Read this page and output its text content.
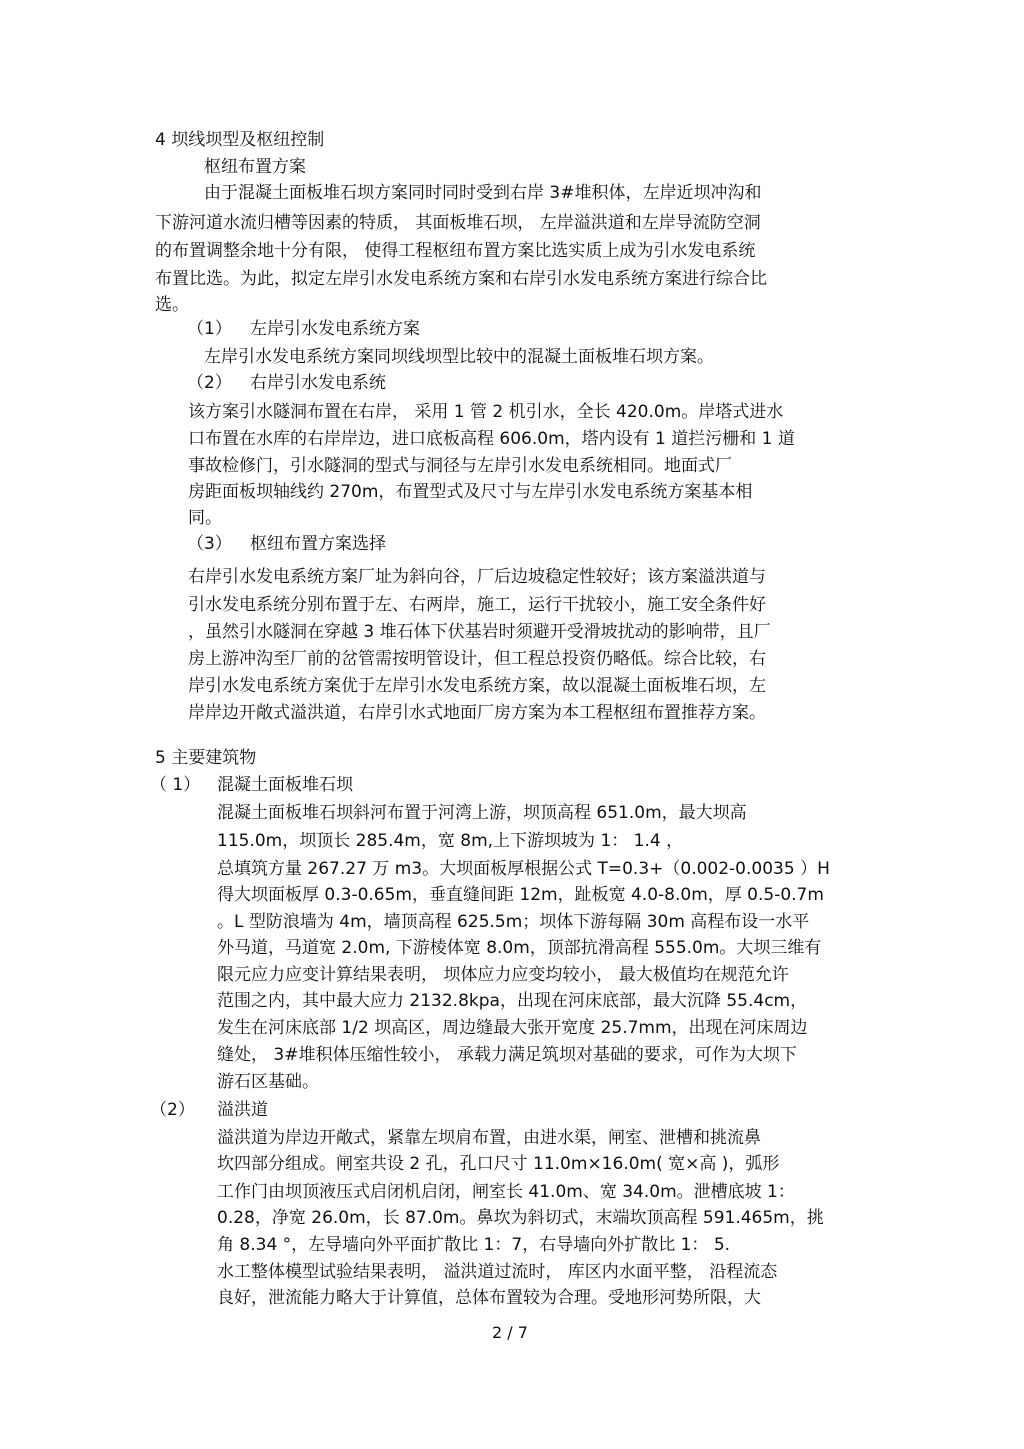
4 坝线坝型及枢纽控制
枢纽布置方案
由于混凝土面板堆石坝方案同时同时受到右岸 3#堆积体，左岸近坝冲沟和
下游河道水流归槽等因素的特质， 其面板堆石坝， 左岸溢洪道和左岸导流防空洞
的布置调整余地十分有限， 使得工程枢纽布置方案比选实质上成为引水发电系统
布置比选。为此，拟定左岸引水发电系统方案和右岸引水发电系统方案进行综合比
选。
（1） 左岸引水发电系统方案
左岸引水发电系统方案同坝线坝型比较中的混凝土面板堆石坝方案。
（2） 右岸引水发电系统
该方案引水隧洞布置在右岸， 采用 1 管 2 机引水，全长 420.0m。岸塔式进水
口布置在水库的右岸岸边，进口底板高程 606.0m，塔内设有 1 道拦污栅和 1 道
事故检修门，引水隧洞的型式与洞径与左岸引水发电系统相同。地面式厂
房距面板坝轴线约 270m，布置型式及尺寸与左岸引水发电系统方案基本相
同。
（3） 枢纽布置方案选择
右岸引水发电系统方案厂址为斜向谷，厂后边坡稳定性较好；该方案溢洪道与
引水发电系统分别布置于左、右两岸，施工，运行干扰较小，施工安全条件好
，虽然引水隧洞在穿越 3 堆石体下伏基岩时须避开受滑坡扰动的影响带，且厂
房上游冲沟至厂前的岔管需按明管设计，但工程总投资仍略低。综合比较，右
岸引水发电系统方案优于左岸引水发电系统方案，故以混凝土面板堆石坝，左
岸岸边开敞式溢洪道，右岸引水式地面厂房方案为本工程枢纽布置推荐方案。
5 主要建筑物
（ 1） 混凝土面板堆石坝
混凝土面板堆石坝斜河布置于河湾上游，坝顶高程 651.0m，最大坝高
115.0m，坝顶长 285.4m，宽 8m,上下游坝坡为 1： 1.4 ，
总填筑方量 267.27 万 m3。大坝面板厚根据公式 T=0.3+（0.002-0.0035 ）H
得大坝面板厚 0.3-0.65m，垂直缝间距 12m，趾板宽 4.0-8.0m，厚 0.5-0.7m
。L 型防浪墙为 4m，墙顶高程 625.5m；坝体下游每隔 30m 高程布设一水平
外马道，马道宽 2.0m, 下游棱体宽 8.0m，顶部抗滑高程 555.0m。大坝三维有
限元应力应变计算结果表明， 坝体应力应变均较小， 最大极值均在规范允许
范围之内，其中最大应力 2132.8kpa，出现在河床底部，最大沉降 55.4cm，
发生在河床底部 1/2 坝高区，周边缝最大张开宽度 25.7mm，出现在河床周边
缝处， 3#堆积体压缩性较小， 承载力满足筑坝对基础的要求，可作为大坝下
游石区基础。
（2） 溢洪道
溢洪道为岸边开敞式，紧靠左坝肩布置，由进水渠，闸室、泄槽和挑流鼻
坎四部分组成。闸室共设 2 孔，孔口尺寸 11.0m×16.0m( 宽×高 )，弧形
工作门由坝顶液压式启闭机启闭，闸室长 41.0m、宽 34.0m。泄槽底坡 1：
0.28，净宽 26.0m，长 87.0m。鼻坎为斜切式，末端坎顶高程 591.465m，挑
角 8.34 °，左导墙向外平面扩散比 1：7，右导墙向外扩散比 1： 5.
水工整体模型试验结果表明， 溢洪道过流时， 库区内水面平整， 沿程流态
良好，泄流能力略大于计算值，总体布置较为合理。受地形河势所限，大
2 / 7
